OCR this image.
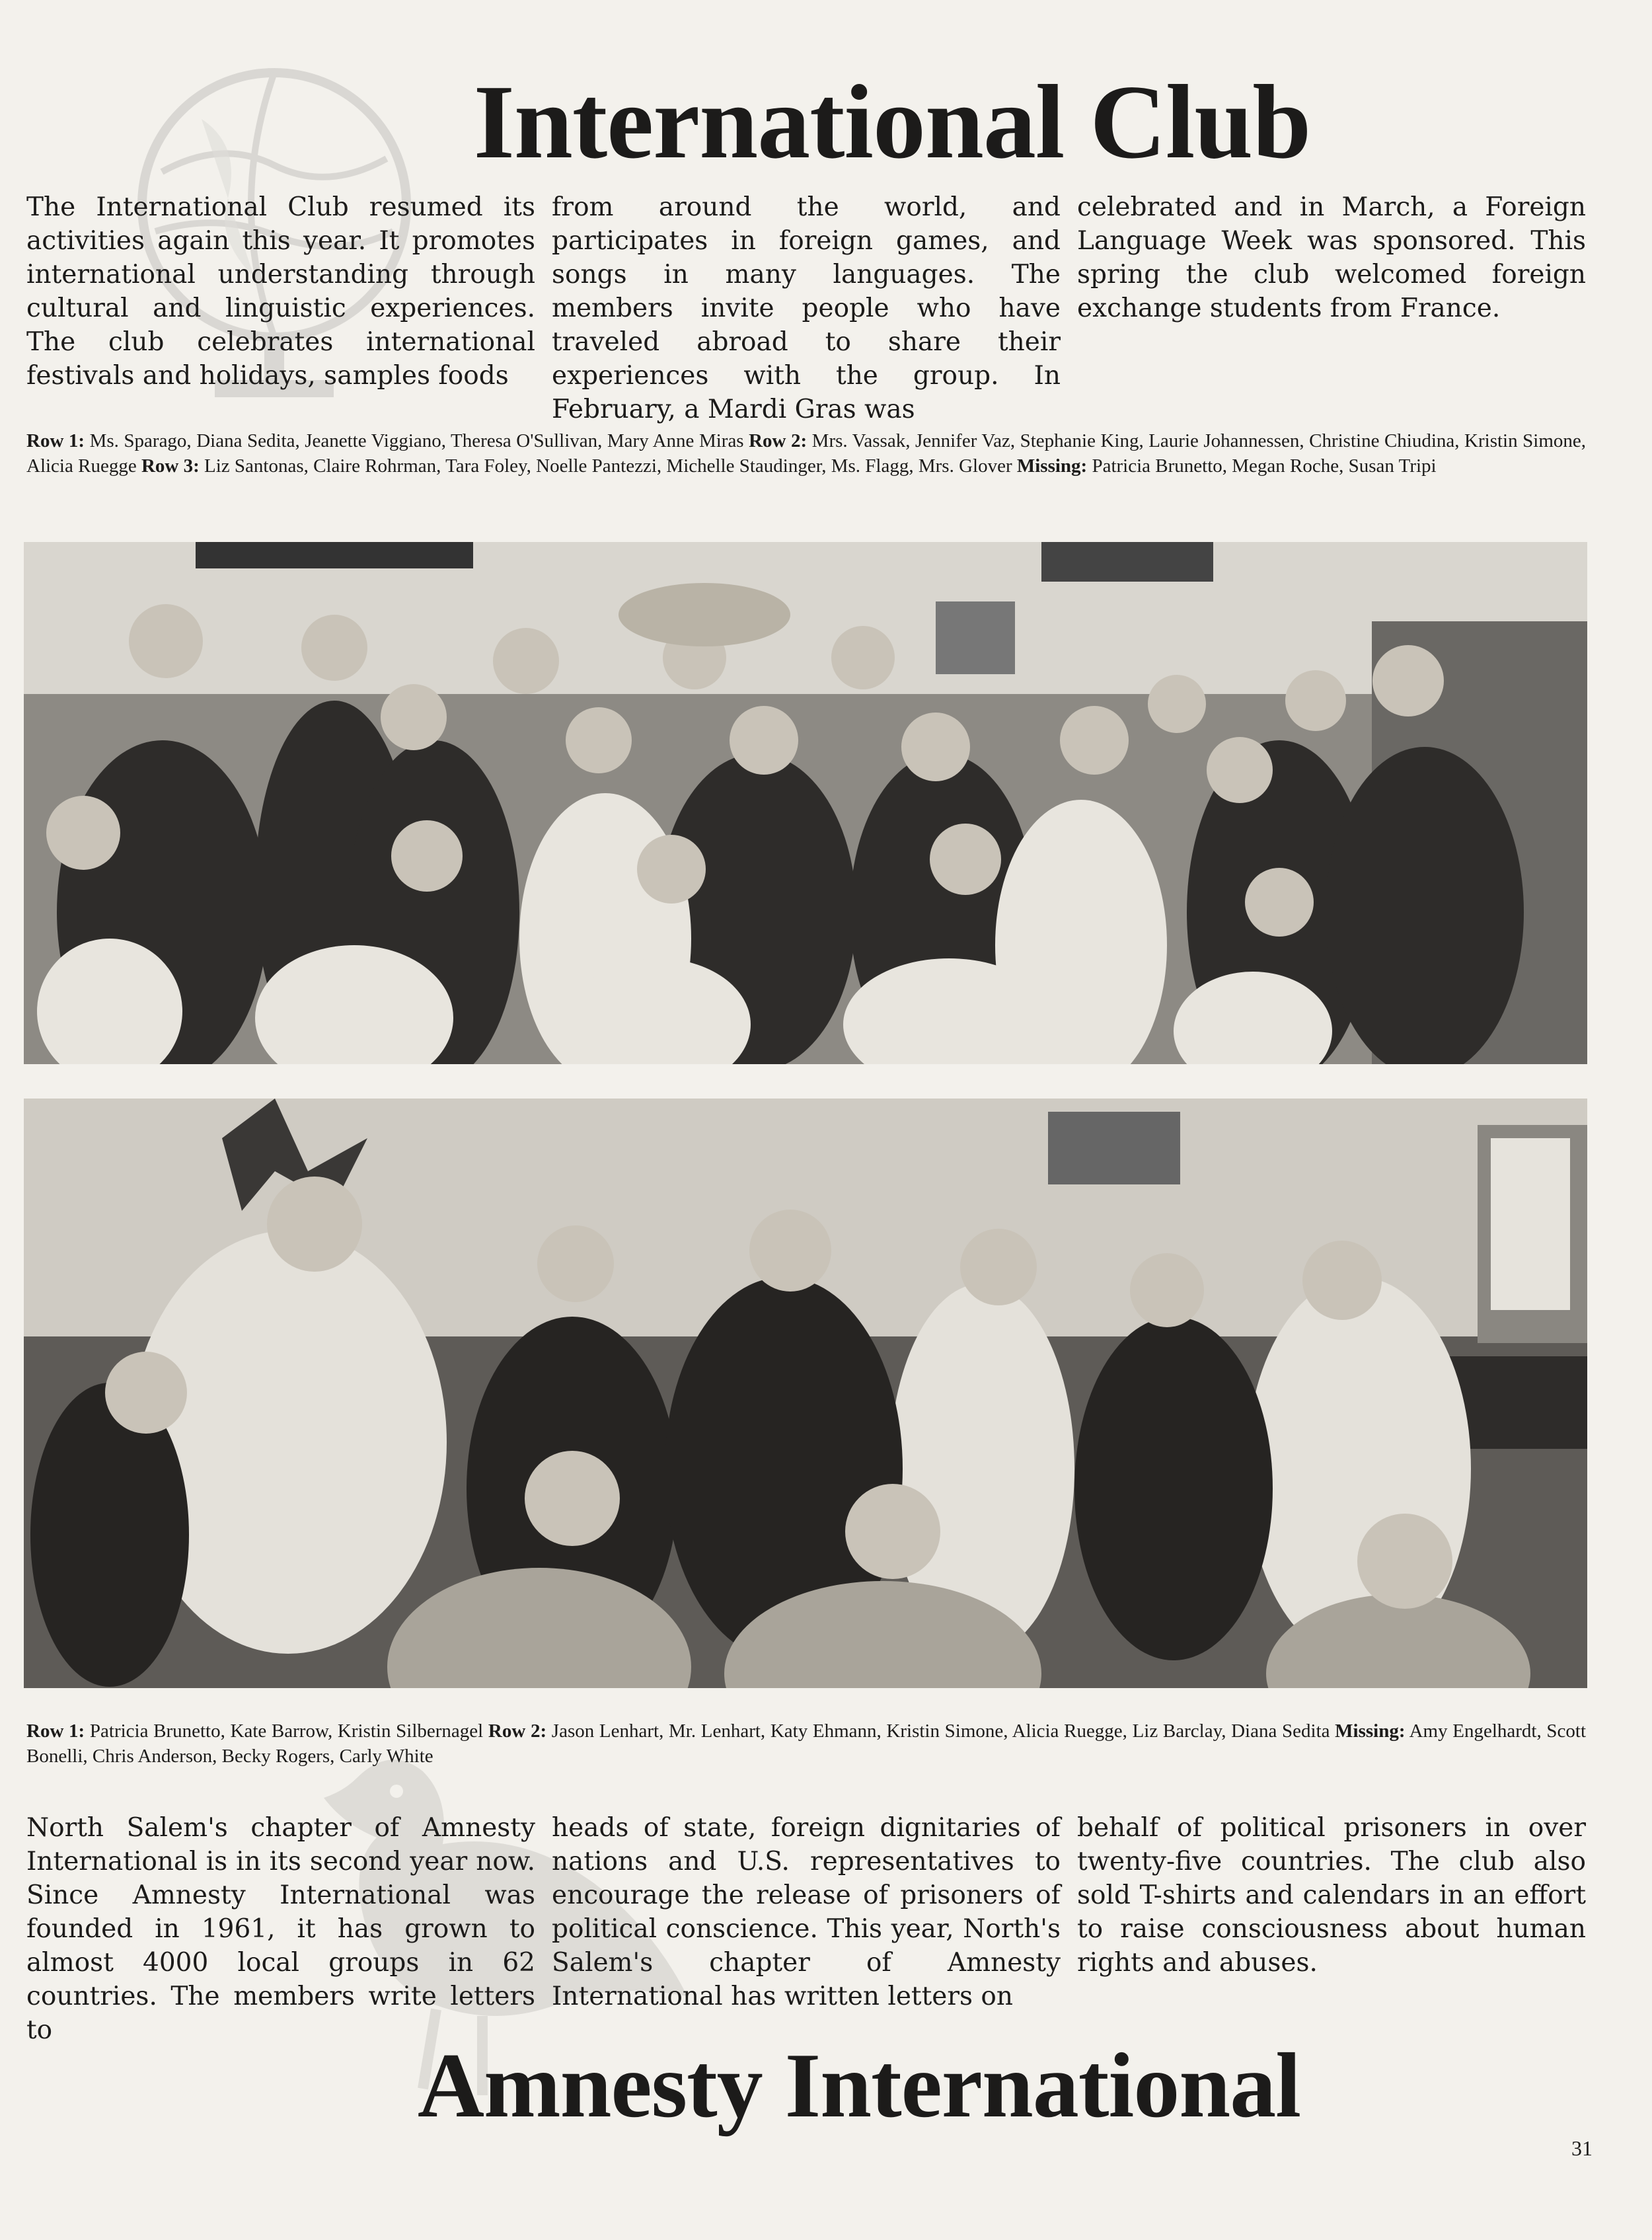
International Club

The International Club resumed its activities again this year. It promotes international understanding through cultural and linguistic experiences. The club celebrates international festivals and holidays, samples foods

from around the world, and participates in foreign games, and songs in many languages. The members invite people who have traveled abroad to share their experiences with the group. In February, a Mardi Gras was

celebrated and in March, a Foreign Language Week was sponsored. This spring the club welcomed foreign exchange students from France.

Row 1: Ms. Sparago, Diana Sedita, Jeanette Viggiano, Theresa O'Sullivan, Mary Anne Miras Row 2: Mrs. Vassak, Jennifer Vaz, Stephanie King, Laurie Johannessen, Christine Chiudina, Kristin Simone, Alicia Ruegge Row 3: Liz Santonas, Claire Rohrman, Tara Foley, Noelle Pantezzi, Michelle Staudinger, Ms. Flagg, Mrs. Glover Missing: Patricia Brunetto, Megan Roche, Susan Tripi

Row 1: Patricia Brunetto, Kate Barrow, Kristin Silbernagel Row 2: Jason Lenhart, Mr. Lenhart, Katy Ehmann, Kristin Simone, Alicia Ruegge, Liz Barclay, Diana Sedita Missing: Amy Engelhardt, Scott Bonelli, Chris Anderson, Becky Rogers, Carly White

North Salem's chapter of Amnesty International is in its second year now. Since Amnesty International was founded in 1961, it has grown to almost 4000 local groups in 62 countries. The members write letters to

heads of state, foreign dignitaries of nations and U.S. representatives to encourage the release of prisoners of political conscience. This year, North's Salem's chapter of Amnesty International has written letters on

behalf of political prisoners in over twenty-five countries. The club also sold T-shirts and calendars in an effort to raise consciousness about human rights and abuses.

Amnesty International
31
